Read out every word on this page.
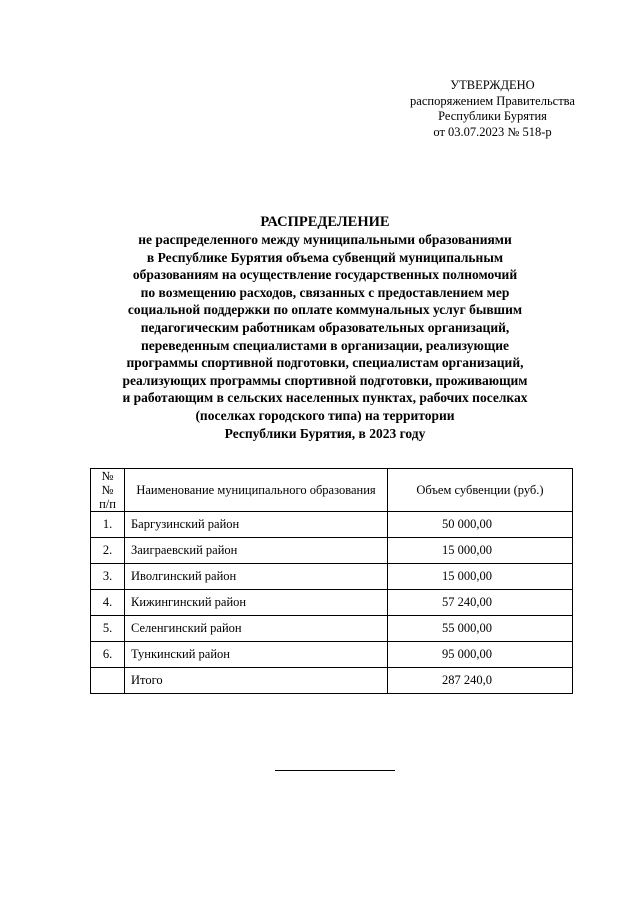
УТВЕРЖДЕНО
распоряжением Правительства
Республики Бурятия
от 03.07.2023 № 518-р
РАСПРЕДЕЛЕНИЕ
не распределенного между муниципальными образованиями
в Республике Бурятия объема субвенций муниципальным
образованиям на осуществление государственных полномочий
по возмещению расходов, связанных с предоставлением мер
социальной поддержки по оплате коммунальных услуг бывшим
педагогическим работникам образовательных организаций,
переведенным специалистами в организации, реализующие
программы спортивной подготовки, специалистам организаций,
реализующих программы спортивной подготовки, проживающим
и работающим в сельских населенных пунктах, рабочих поселках
(поселках городского типа) на территории
Республики Бурятия, в 2023 году
№№
п/п	Наименование муниципального образования	Объем субвенции (руб.)
1.	Баргузинский район	50 000,00
2.	Заиграевский район	15 000,00
3.	Иволгинский район	15 000,00
4.	Кижингинский район	57 240,00
5.	Селенгинский район	55 000,00
6.	Тункинский район	95 000,00
	Итого	287 240,0
